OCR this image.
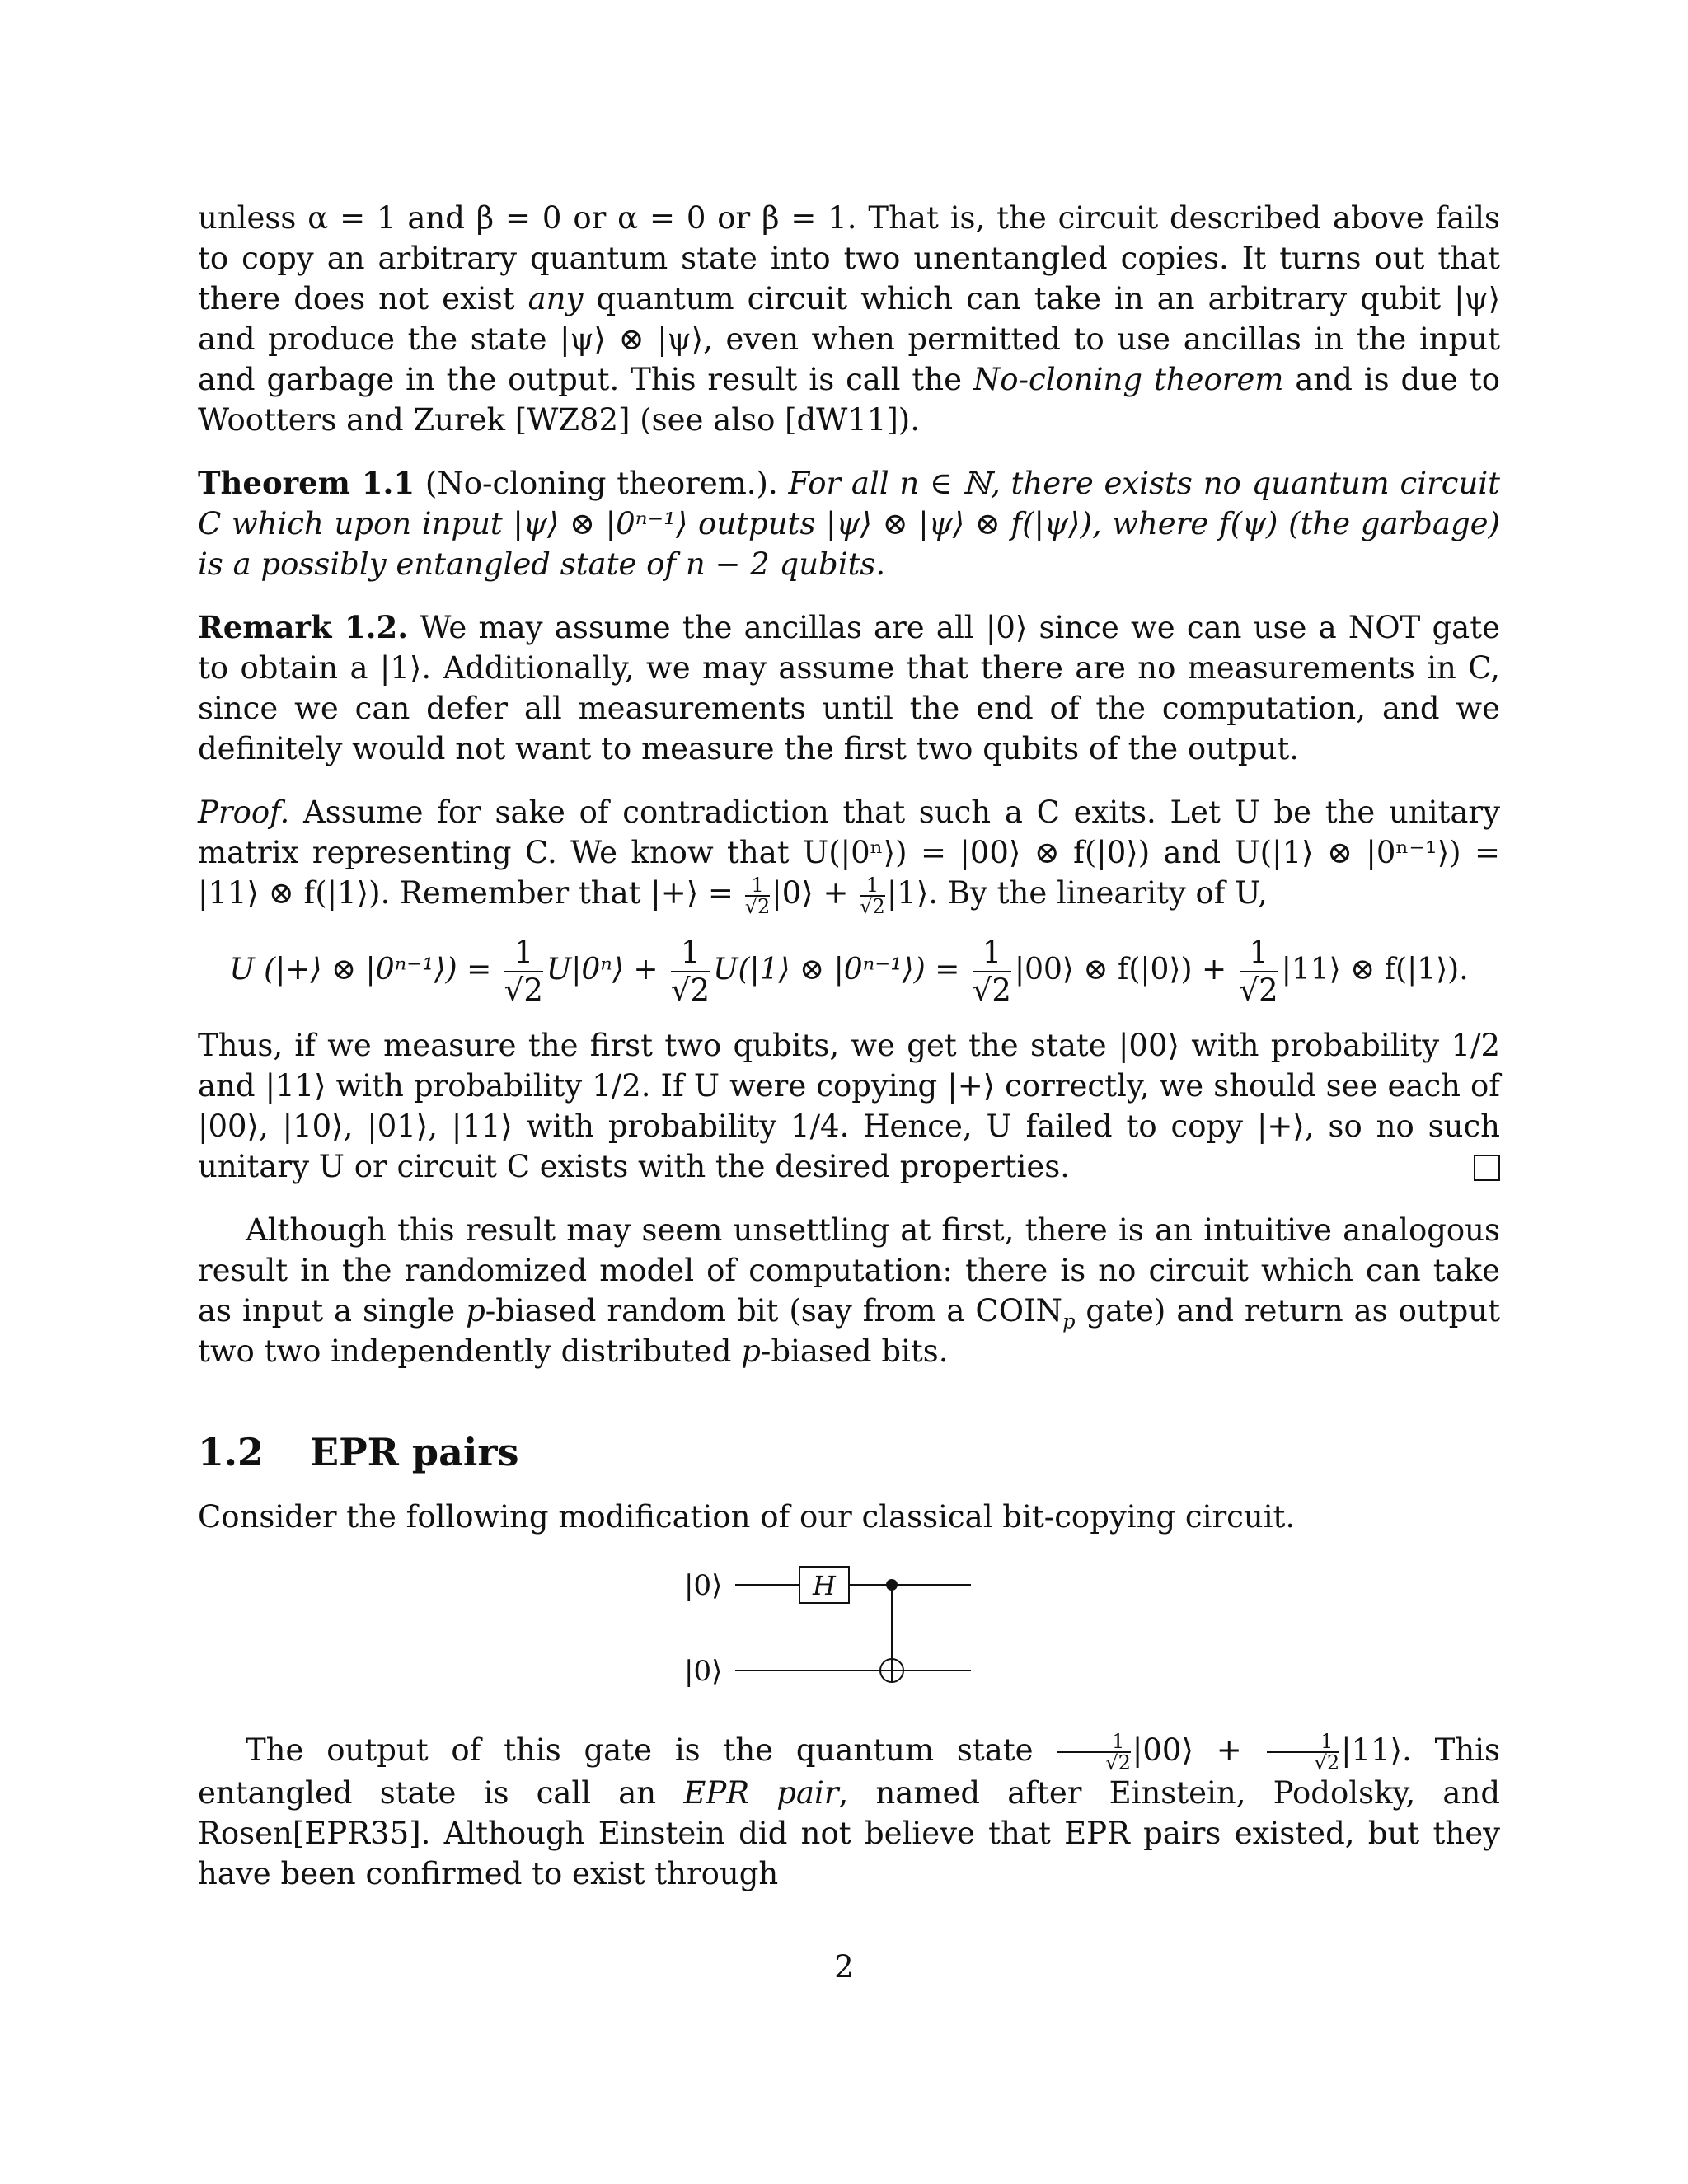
unless α = 1 and β = 0 or α = 0 or β = 1. That is, the circuit described above fails to copy an arbitrary quantum state into two unentangled copies. It turns out that there does not exist any quantum circuit which can take in an arbitrary qubit |ψ⟩ and produce the state |ψ⟩ ⊗ |ψ⟩, even when permitted to use ancillas in the input and garbage in the output. This result is call the No-cloning theorem and is due to Wootters and Zurek [WZ82] (see also [dW11]).

Theorem 1.1 (No-cloning theorem.). For all n ∈ ℕ, there exists no quantum circuit C which upon input |ψ⟩ ⊗ |0ⁿ⁻¹⟩ outputs |ψ⟩ ⊗ |ψ⟩ ⊗ f(|ψ⟩), where f(ψ) (the garbage) is a possibly entangled state of n − 2 qubits.

Remark 1.2. We may assume the ancillas are all |0⟩ since we can use a NOT gate to obtain a |1⟩. Additionally, we may assume that there are no measurements in C, since we can defer all measurements until the end of the computation, and we definitely would not want to measure the first two qubits of the output.

Proof. Assume for sake of contradiction that such a C exits. Let U be the unitary matrix representing C. We know that U(|0ⁿ⟩) = |00⟩ ⊗ f(|0⟩) and U(|1⟩ ⊗ |0ⁿ⁻¹⟩) = |11⟩ ⊗ f(|1⟩). Remember that |+⟩ = $\frac{1}{√2}$ |0⟩ + $\frac{1}{√2}$ |1⟩. By the linearity of U,

U (|+⟩ ⊗ |0ⁿ⁻¹⟩) = $\frac{1}{√2}$ U|0ⁿ⟩ + $\frac{1}{√2}$ U(|1⟩ ⊗ |0ⁿ⁻¹⟩) = $\frac{1}{√2}$ |00⟩ ⊗ f(|0⟩) + $\frac{1}{√2}$ |11⟩ ⊗ f(|1⟩).

Thus, if we measure the first two qubits, we get the state |00⟩ with probability 1/2 and |11⟩ with probability 1/2. If U were copying |+⟩ correctly, we should see each of |00⟩, |10⟩, |01⟩, |11⟩ with probability 1/4. Hence, U failed to copy |+⟩, so no such unitary U or circuit C exists with the desired properties.

Although this result may seem unsettling at first, there is an intuitive analogous result in the randomized model of computation: there is no circuit which can take as input a single p-biased random bit (say from a $COIN_p$ gate) and return as output two two independently distributed p-biased bits.

1.2 EPR pairs

Consider the following modification of our classical bit-copying circuit.

|0⟩
|0⟩
H

The output of this gate is the quantum state $\frac{1}{√2}$ |00⟩ + $\frac{1}{√2}$ |11⟩. This entangled state is call an EPR pair, named after Einstein, Podolsky, and Rosen[EPR35]. Although Einstein did not believe that EPR pairs existed, but they have been confirmed to exist through

2
